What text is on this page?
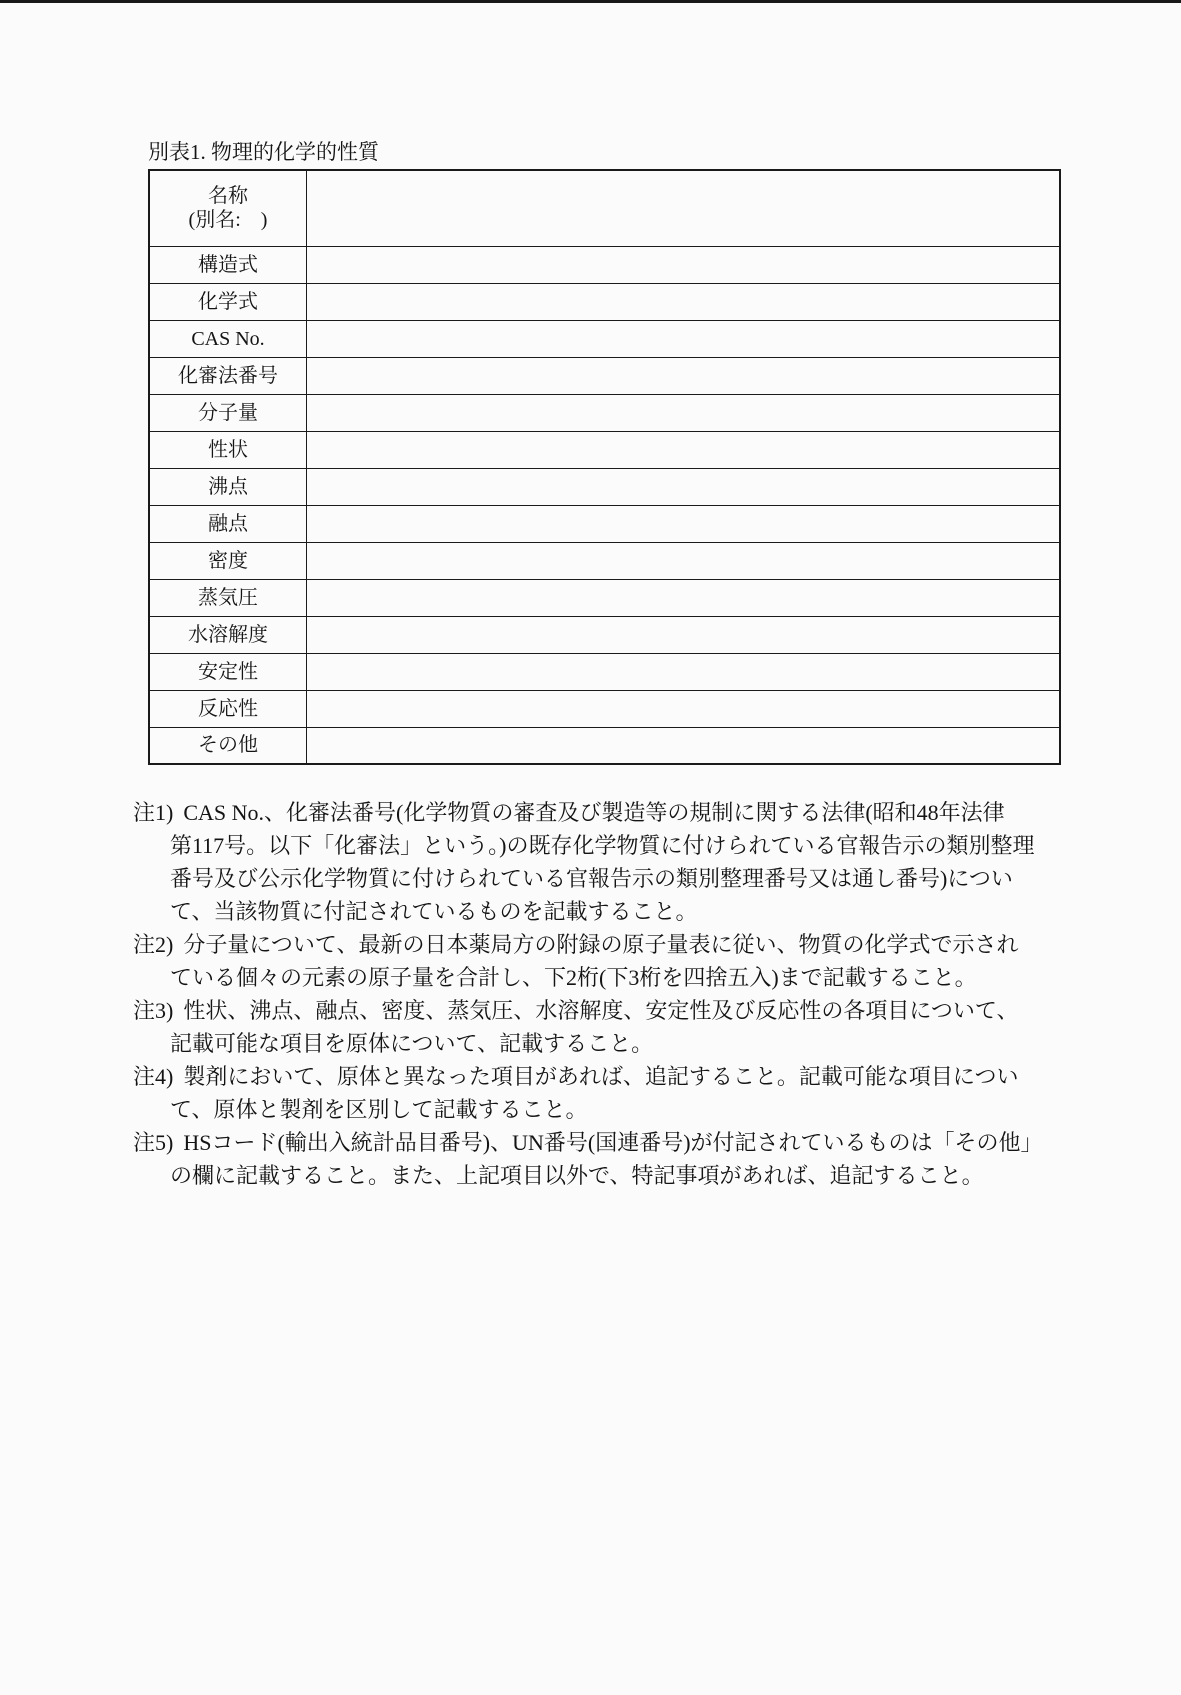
別表1. 物理的化学的性質
名称
(別名:　)	

構造式	

化学式	

CAS No.	

化審法番号	

分子量	

性状	

沸点	

融点	

密度	

蒸気圧	

水溶解度	

安定性	

反応性	

その他	

注1) CAS No.、化審法番号(化学物質の審査及び製造等の規制に関する法律(昭和48年法律
第117号。以下「化審法」という。)の既存化学物質に付けられている官報告示の類別整理
番号及び公示化学物質に付けられている官報告示の類別整理番号又は通し番号)につい
て、当該物質に付記されているものを記載すること。
注2) 分子量について、最新の日本薬局方の附録の原子量表に従い、物質の化学式で示され
ている個々の元素の原子量を合計し、下2桁(下3桁を四捨五入)まで記載すること。
注3) 性状、沸点、融点、密度、蒸気圧、水溶解度、安定性及び反応性の各項目について、
記載可能な項目を原体について、記載すること。
注4) 製剤において、原体と異なった項目があれば、追記すること。記載可能な項目につい
て、原体と製剤を区別して記載すること。
注5) HSコード(輸出入統計品目番号)、UN番号(国連番号)が付記されているものは「その他」
の欄に記載すること。また、上記項目以外で、特記事項があれば、追記すること。
